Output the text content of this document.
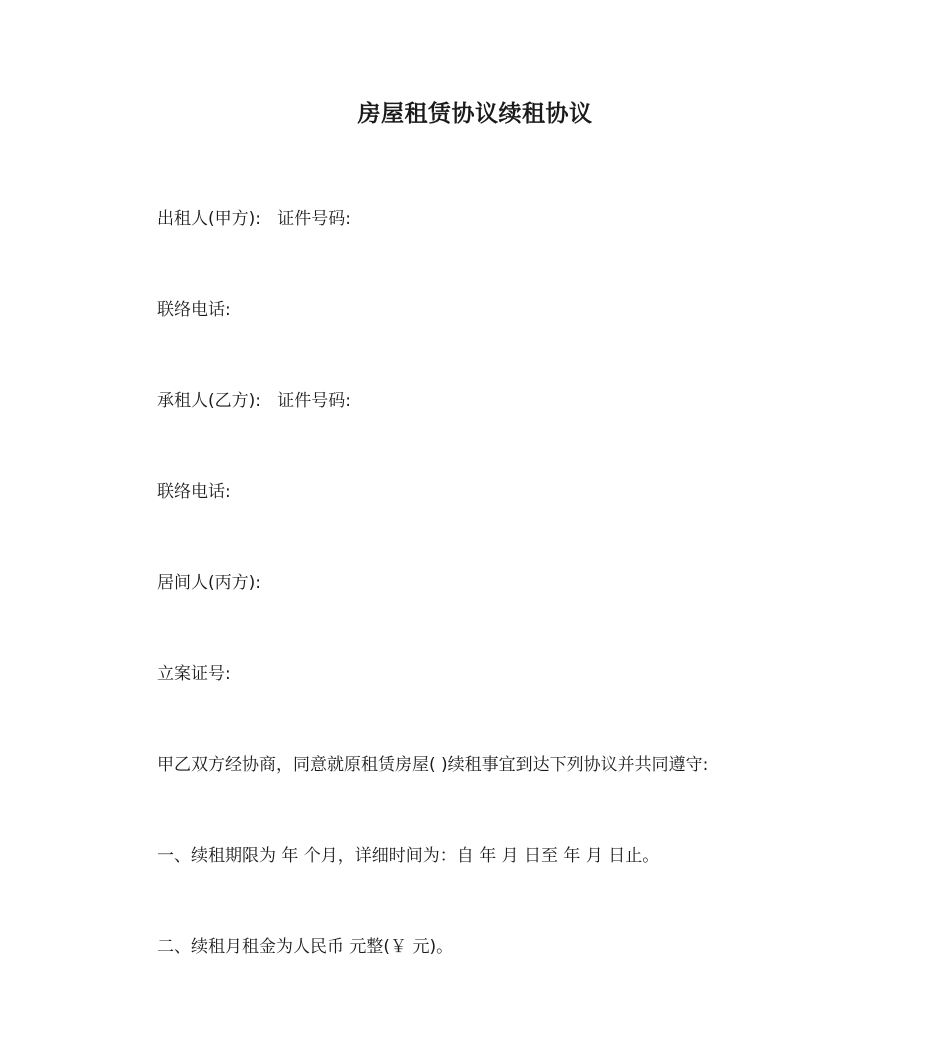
房屋租赁协议续租协议
出租人(甲方):   证件号码:
联络电话:
承租人(乙方):   证件号码:
联络电话:
居间人(丙方):
立案证号:
甲乙双方经协商，同意就原租赁房屋( )续租事宜到达下列协议并共同遵守:
一、续租期限为 年 个月，详细时间为：自 年 月 日至 年 月 日止。
二、续租月租金为人民币 元整(￥ 元)。
